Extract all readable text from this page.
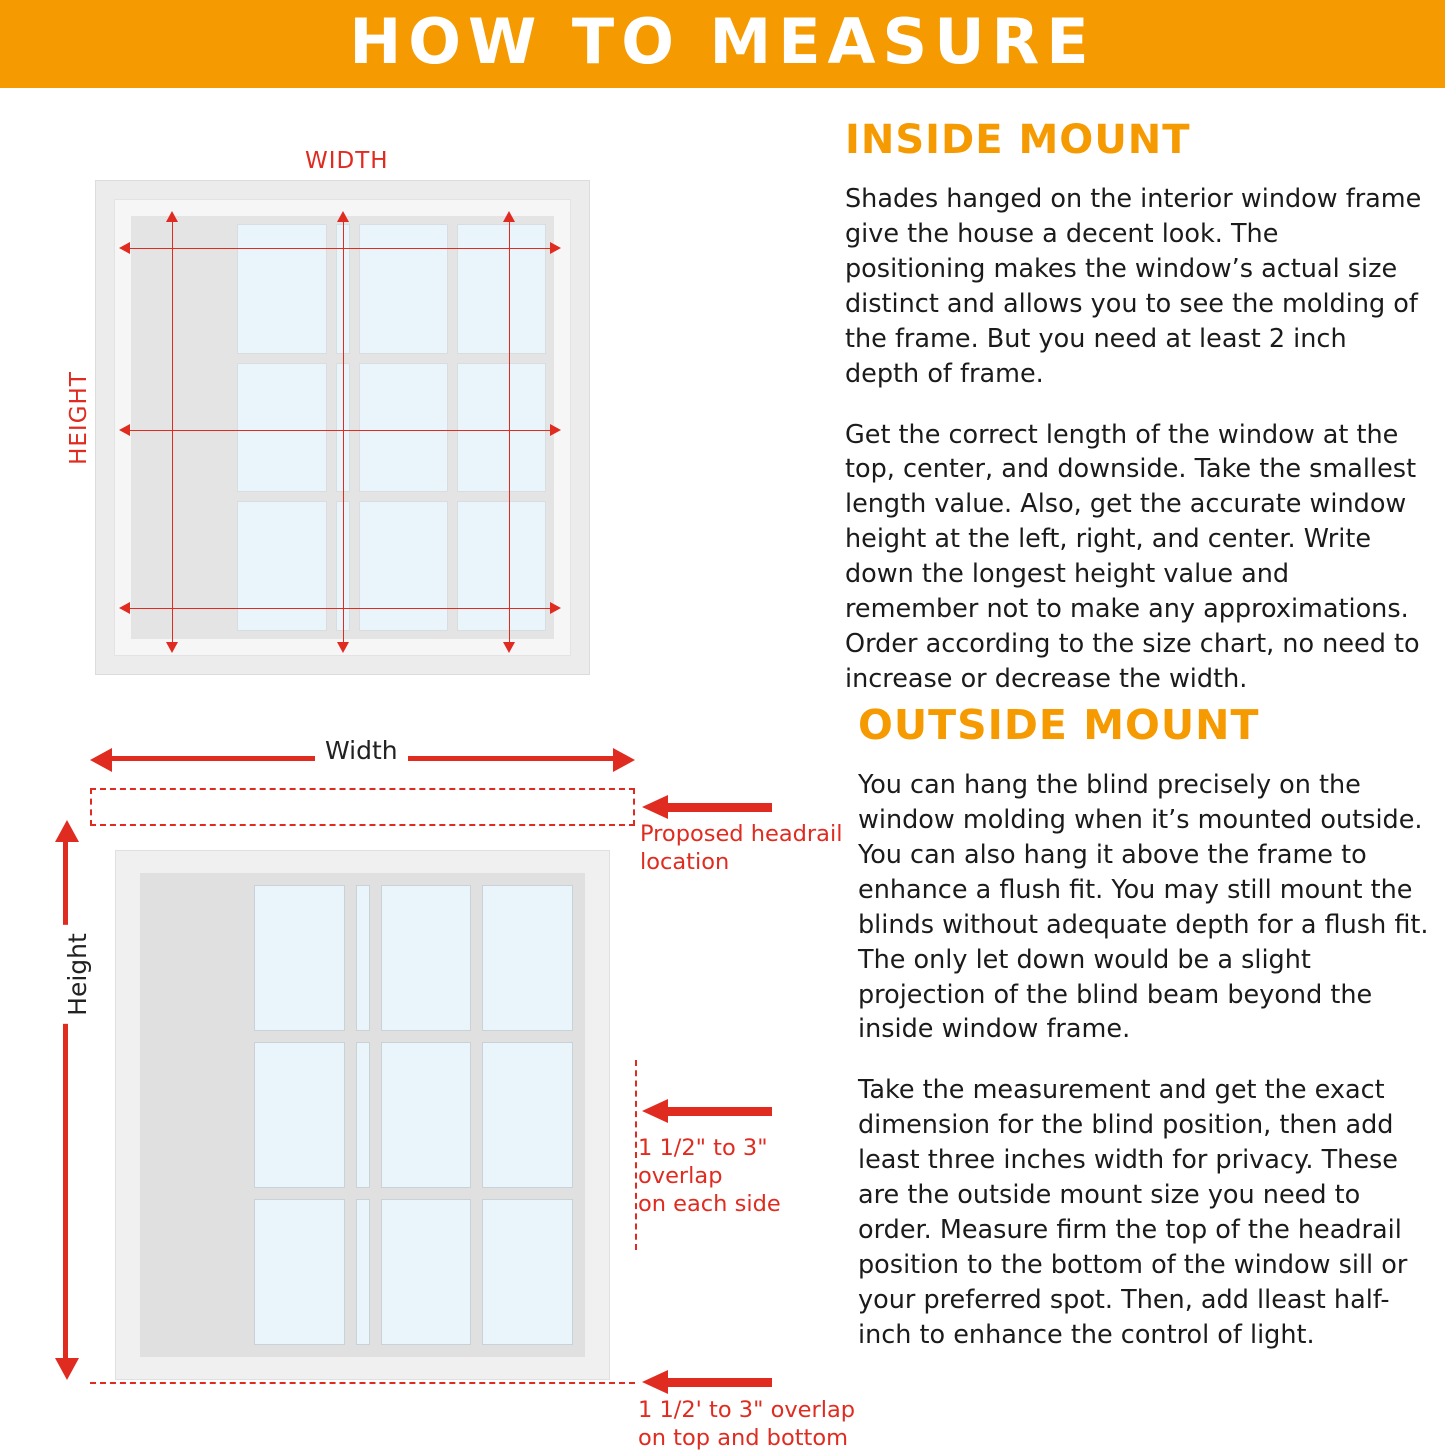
HOW TO MEASURE
WIDTH
HEIGHT
INSIDE MOUNT

Shades hanged on the interior window frame give the house a decent look. The positioning makes the window’s actual size distinct and allows you to see the molding of the frame. But you need at least 2 inch depth of frame.

Get the correct length of the window at the top, center, and downside. Take the smallest length value. Also, get the accurate window height at the left, right, and center. Write down the longest height value and remember not to make any approximations. Order according to the size chart, no need to increase or decrease the width.

Width
Height
Proposed headrail
location
1 1/2" to 3" overlap
on each side
1 1/2' to 3" overlap
on top and bottom
OUTSIDE MOUNT

You can hang the blind precisely on the window molding when it’s mounted outside. You can also hang it above the frame to enhance a flush fit. You may still mount the blinds without adequate depth for a flush fit. The only let down would be a slight projection of the blind beam beyond the inside window frame.

Take the measurement and get the exact dimension for the blind position, then add least three inches width for privacy. These are the outside mount size you need to order. Measure firm the top of the headrail position to the bottom of the window sill or your preferred spot. Then, add lleast half-inch to enhance the control of light.
